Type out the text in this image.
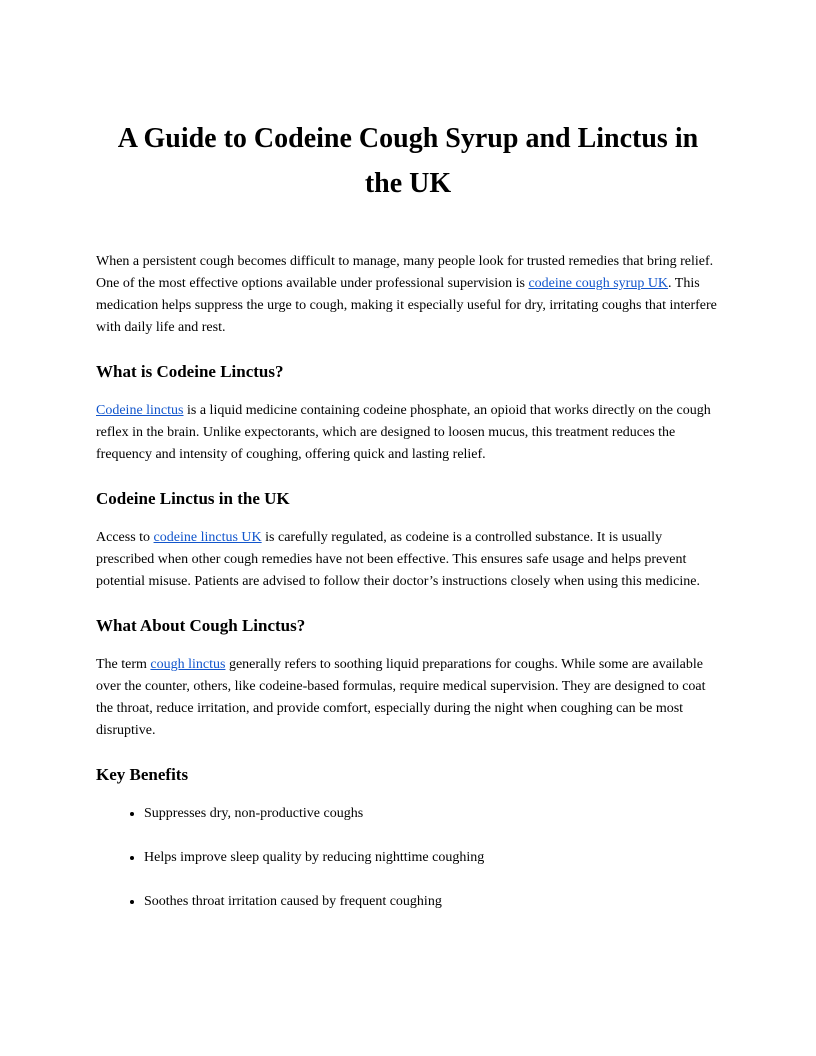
A Guide to Codeine Cough Syrup and Linctus in the UK

When a persistent cough becomes difficult to manage, many people look for trusted remedies that bring relief. One of the most effective options available under professional supervision is codeine cough syrup UK. This medication helps suppress the urge to cough, making it especially useful for dry, irritating coughs that interfere with daily life and rest.

What is Codeine Linctus?

Codeine linctus is a liquid medicine containing codeine phosphate, an opioid that works directly on the cough reflex in the brain. Unlike expectorants, which are designed to loosen mucus, this treatment reduces the frequency and intensity of coughing, offering quick and lasting relief.

Codeine Linctus in the UK

Access to codeine linctus UK is carefully regulated, as codeine is a controlled substance. It is usually prescribed when other cough remedies have not been effective. This ensures safe usage and helps prevent potential misuse. Patients are advised to follow their doctor’s instructions closely when using this medicine.

What About Cough Linctus?

The term cough linctus generally refers to soothing liquid preparations for coughs. While some are available over the counter, others, like codeine-based formulas, require medical supervision. They are designed to coat the throat, reduce irritation, and provide comfort, especially during the night when coughing can be most disruptive.

Key Benefits
• Suppresses dry, non-productive coughs
• Helps improve sleep quality by reducing nighttime coughing
• Soothes throat irritation caused by frequent coughing
